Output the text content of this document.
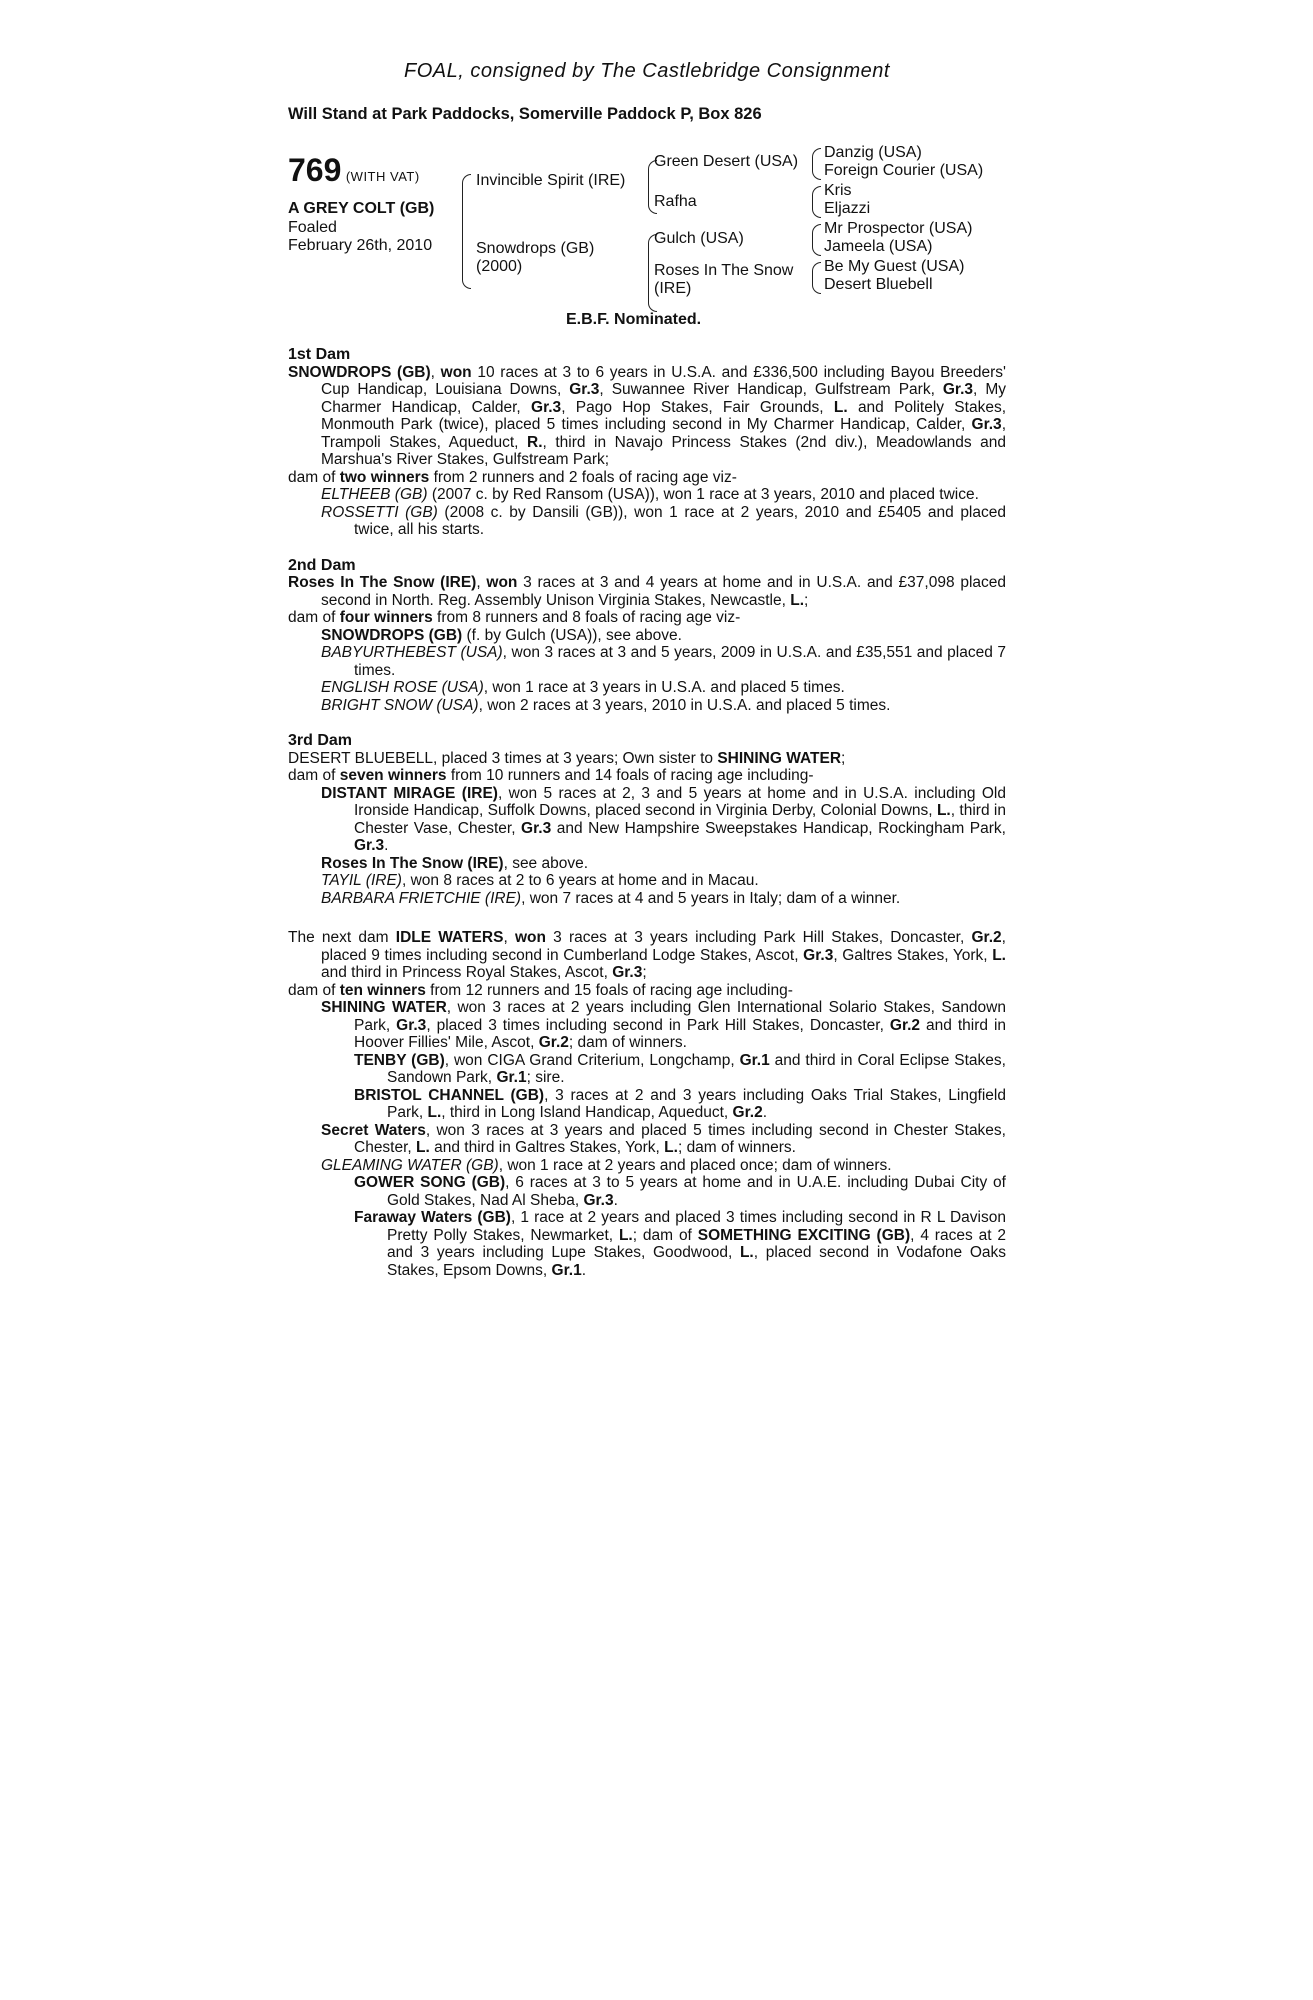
FOAL, consigned by The Castlebridge Consignment
Will Stand at Park Paddocks, Somerville Paddock P, Box 826
769 (WITH VAT)
A GREY COLT (GB)
Foaled
February 26th, 2010
Invincible Spirit (IRE)
Snowdrops (GB)
(2000)
Green Desert (USA)
Rafha
Gulch (USA)
Roses In The Snow
(IRE)
Danzig (USA)
Foreign Courier (USA)
Kris
Eljazzi
Mr Prospector (USA)
Jameela (USA)
Be My Guest (USA)
Desert Bluebell
E.B.F. Nominated.
1st Dam
SNOWDROPS (GB), won 10 races at 3 to 6 years in U.S.A. and £336,500 including Bayou Breeders' Cup Handicap, Louisiana Downs, Gr.3, Suwannee River Handicap, Gulfstream Park, Gr.3, My Charmer Handicap, Calder, Gr.3, Pago Hop Stakes, Fair Grounds, L. and Politely Stakes, Monmouth Park (twice), placed 5 times including second in My Charmer Handicap, Calder, Gr.3, Trampoli Stakes, Aqueduct, R., third in Navajo Princess Stakes (2nd div.), Meadowlands and Marshua's River Stakes, Gulfstream Park;
dam of two winners from 2 runners and 2 foals of racing age viz-
ELTHEEB (GB) (2007 c. by Red Ransom (USA)), won 1 race at 3 years, 2010 and placed twice.
ROSSETTI (GB) (2008 c. by Dansili (GB)), won 1 race at 2 years, 2010 and £5405 and placed twice, all his starts.
2nd Dam
Roses In The Snow (IRE), won 3 races at 3 and 4 years at home and in U.S.A. and £37,098 placed second in North. Reg. Assembly Unison Virginia Stakes, Newcastle, L.;
dam of four winners from 8 runners and 8 foals of racing age viz-
SNOWDROPS (GB) (f. by Gulch (USA)), see above.
BABYURTHEBEST (USA), won 3 races at 3 and 5 years, 2009 in U.S.A. and £35,551 and placed 7 times.
ENGLISH ROSE (USA), won 1 race at 3 years in U.S.A. and placed 5 times.
BRIGHT SNOW (USA), won 2 races at 3 years, 2010 in U.S.A. and placed 5 times.
3rd Dam
DESERT BLUEBELL, placed 3 times at 3 years; Own sister to SHINING WATER;
dam of seven winners from 10 runners and 14 foals of racing age including-
DISTANT MIRAGE (IRE), won 5 races at 2, 3 and 5 years at home and in U.S.A. including Old Ironside Handicap, Suffolk Downs, placed second in Virginia Derby, Colonial Downs, L., third in Chester Vase, Chester, Gr.3 and New Hampshire Sweepstakes Handicap, Rockingham Park, Gr.3.
Roses In The Snow (IRE), see above.
TAYIL (IRE), won 8 races at 2 to 6 years at home and in Macau.
BARBARA FRIETCHIE (IRE), won 7 races at 4 and 5 years in Italy; dam of a winner.
The next dam IDLE WATERS, won 3 races at 3 years including Park Hill Stakes, Doncaster, Gr.2, placed 9 times including second in Cumberland Lodge Stakes, Ascot, Gr.3, Galtres Stakes, York, L. and third in Princess Royal Stakes, Ascot, Gr.3;
dam of ten winners from 12 runners and 15 foals of racing age including-
SHINING WATER, won 3 races at 2 years including Glen International Solario Stakes, Sandown Park, Gr.3, placed 3 times including second in Park Hill Stakes, Doncaster, Gr.2 and third in Hoover Fillies' Mile, Ascot, Gr.2; dam of winners.
TENBY (GB), won CIGA Grand Criterium, Longchamp, Gr.1 and third in Coral Eclipse Stakes, Sandown Park, Gr.1; sire.
BRISTOL CHANNEL (GB), 3 races at 2 and 3 years including Oaks Trial Stakes, Lingfield Park, L., third in Long Island Handicap, Aqueduct, Gr.2.
Secret Waters, won 3 races at 3 years and placed 5 times including second in Chester Stakes, Chester, L. and third in Galtres Stakes, York, L.; dam of winners.
GLEAMING WATER (GB), won 1 race at 2 years and placed once; dam of winners.
GOWER SONG (GB), 6 races at 3 to 5 years at home and in U.A.E. including Dubai City of Gold Stakes, Nad Al Sheba, Gr.3.
Faraway Waters (GB), 1 race at 2 years and placed 3 times including second in R L Davison Pretty Polly Stakes, Newmarket, L.; dam of SOMETHING EXCITING (GB), 4 races at 2 and 3 years including Lupe Stakes, Goodwood, L., placed second in Vodafone Oaks Stakes, Epsom Downs, Gr.1.
